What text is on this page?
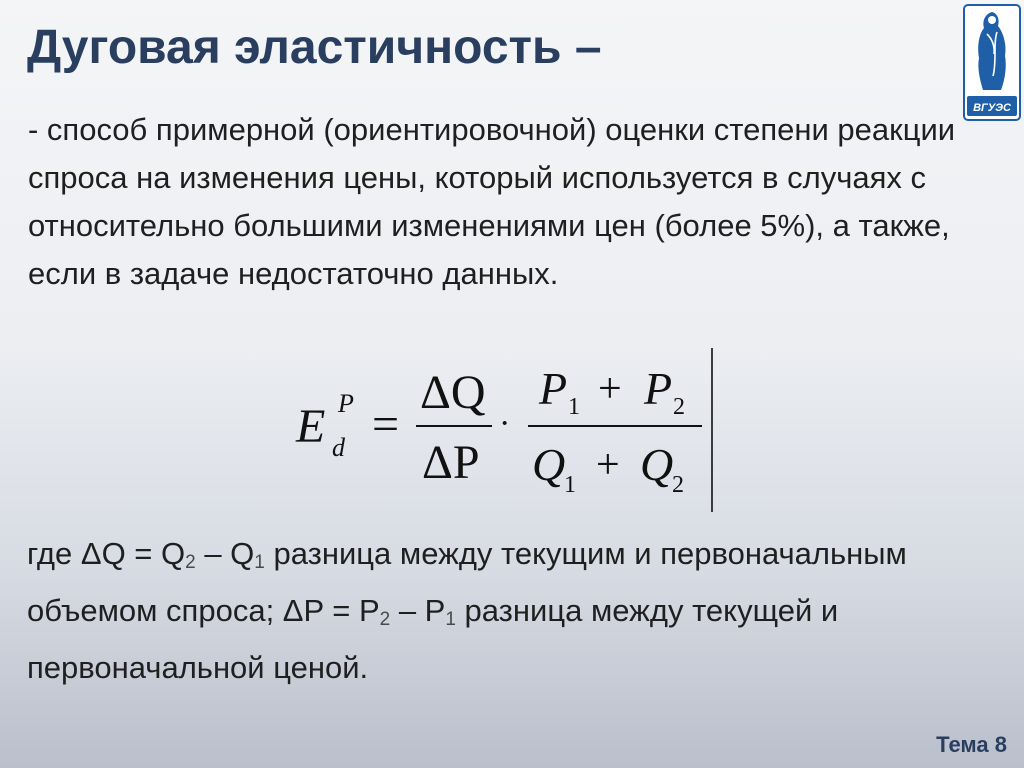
Дуговая эластичность –
ВГУЭС

- способ примерной (ориентировочной) оценки степени реакции спроса на изменения цены, который используется в случаях с относительно большими изменениями цен (более 5%), а также, если в задаче недостаточно данных.

E P
d =
ΔQ
ΔP
·
P 1 + P 2
Q
1 + Q
2

где $\Delta Q = Q_2 - Q_1$ разница между текущим и первоначальным объемом спроса; $\Delta P = P_2 - P_1$ разница между текущей и первоначальной ценой.

Тема 8
